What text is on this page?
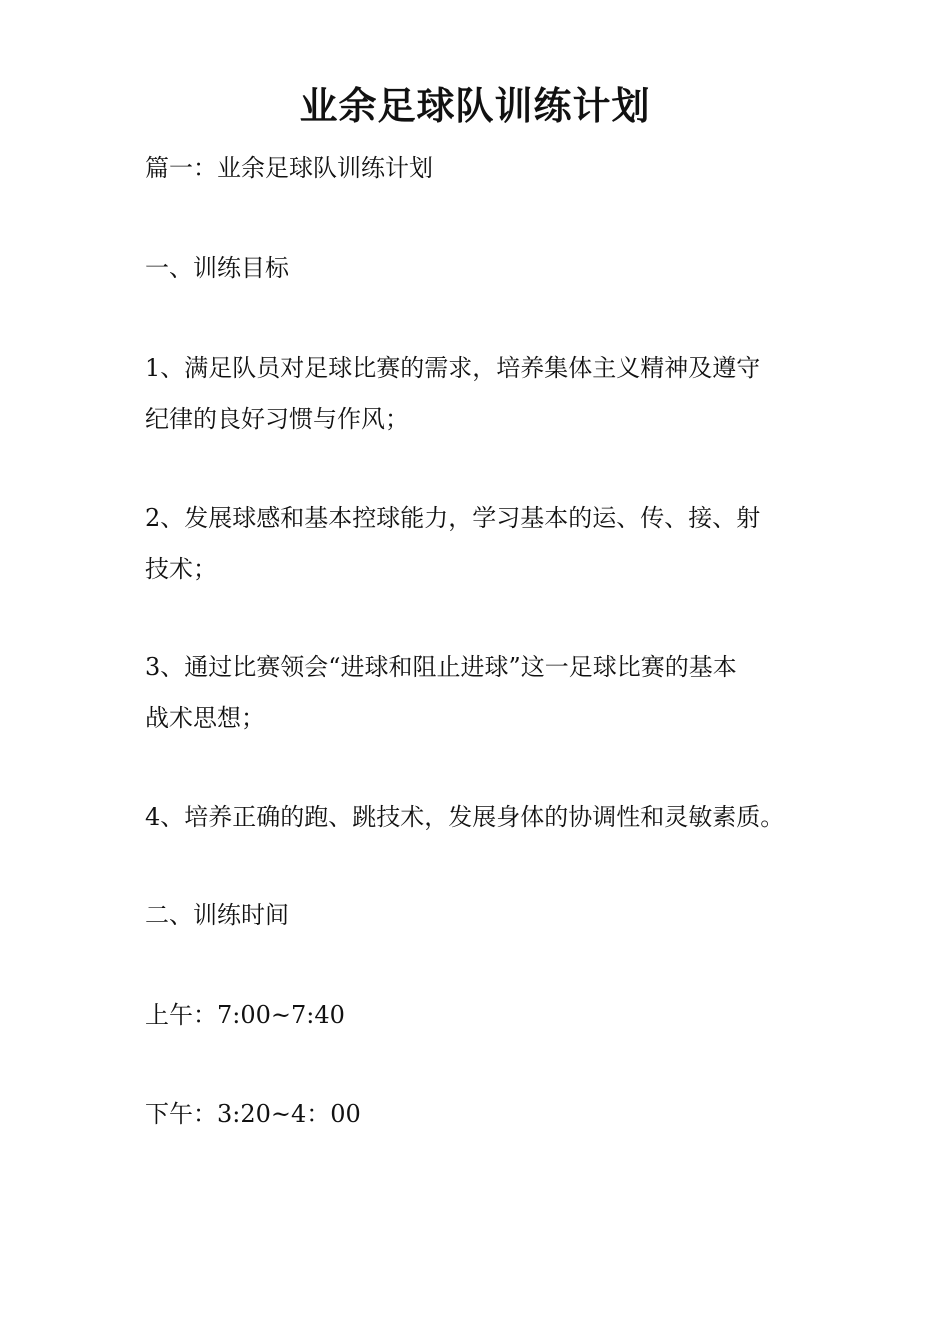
业余足球队训练计划
篇一：业余足球队训练计划
一、训练目标
1、满足队员对足球比赛的需求，培养集体主义精神及遵守
纪律的良好习惯与作风；
2、发展球感和基本控球能力，学习基本的运、传、接、射
技术；
3、通过比赛领会“进球和阻止进球”这一足球比赛的基本
战术思想；
4、培养正确的跑、跳技术，发展身体的协调性和灵敏素质。
二、训练时间
上午：7:00~7:40
下午：3:20~4：00
